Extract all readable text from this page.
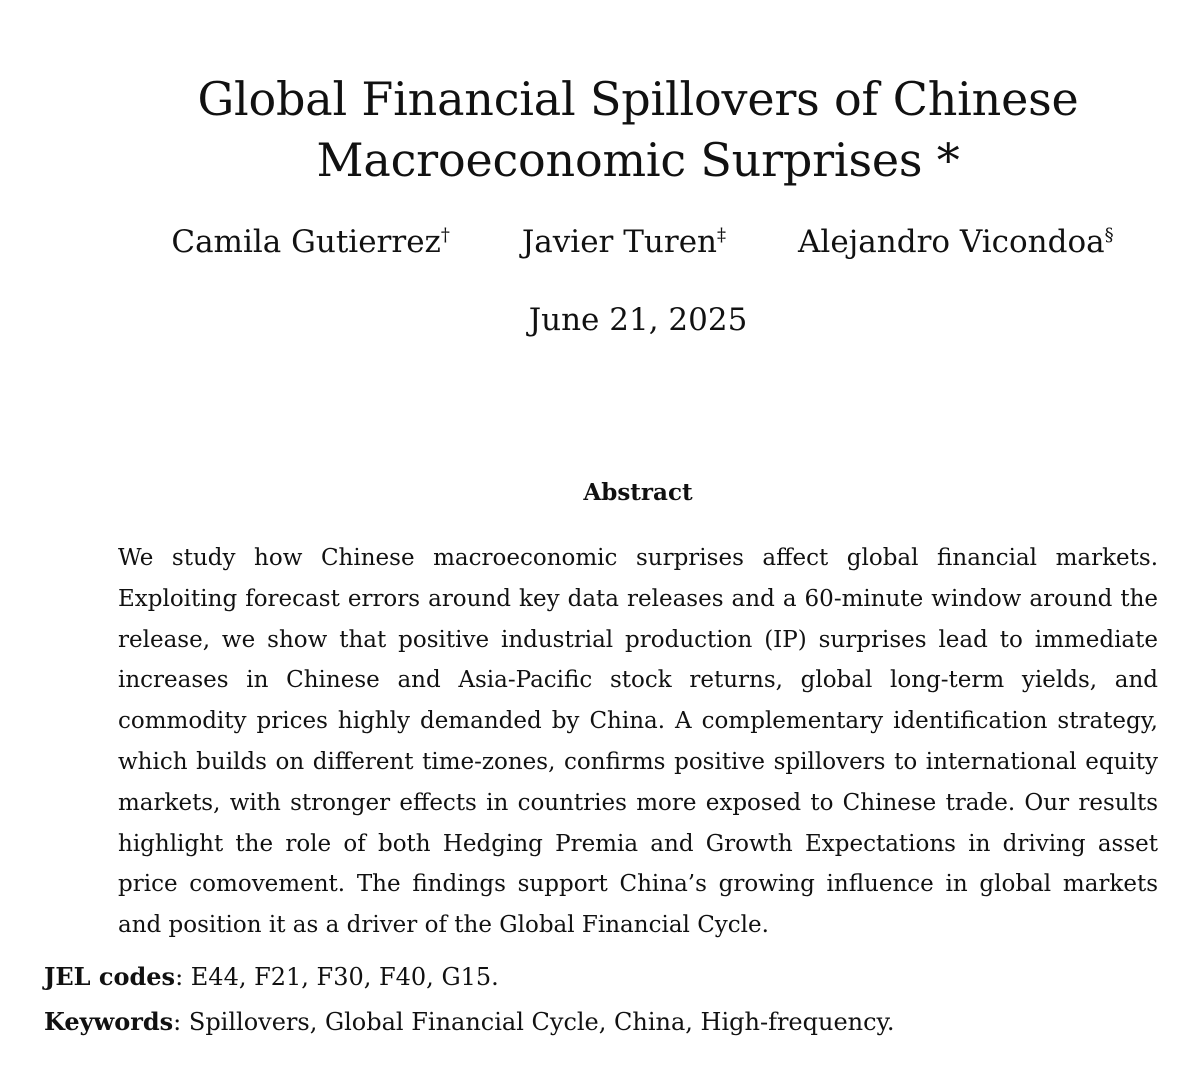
Global Financial Spillovers of Chinese
Macroeconomic Surprises *
Camila Gutierrez† Javier Turen‡ Alejandro Vicondoa§
June 21, 2025
Abstract

We study how Chinese macroeconomic surprises affect global financial markets. Exploiting forecast errors around key data releases and a 60-minute window around the release, we show that positive industrial production (IP) surprises lead to immediate increases in Chinese and Asia-Pacific stock returns, global long-term yields, and commodity prices highly demanded by China. A complementary identification strategy, which builds on different time-zones, confirms positive spillovers to international equity markets, with stronger effects in countries more exposed to Chinese trade. Our results highlight the role of both Hedging Premia and Growth Expectations in driving asset price comovement. The findings support China’s growing influence in global markets and position it as a driver of the Global Financial Cycle.

JEL codes: E44, F21, F30, F40, G15.
Keywords: Spillovers, Global Financial Cycle, China, High-frequency.
